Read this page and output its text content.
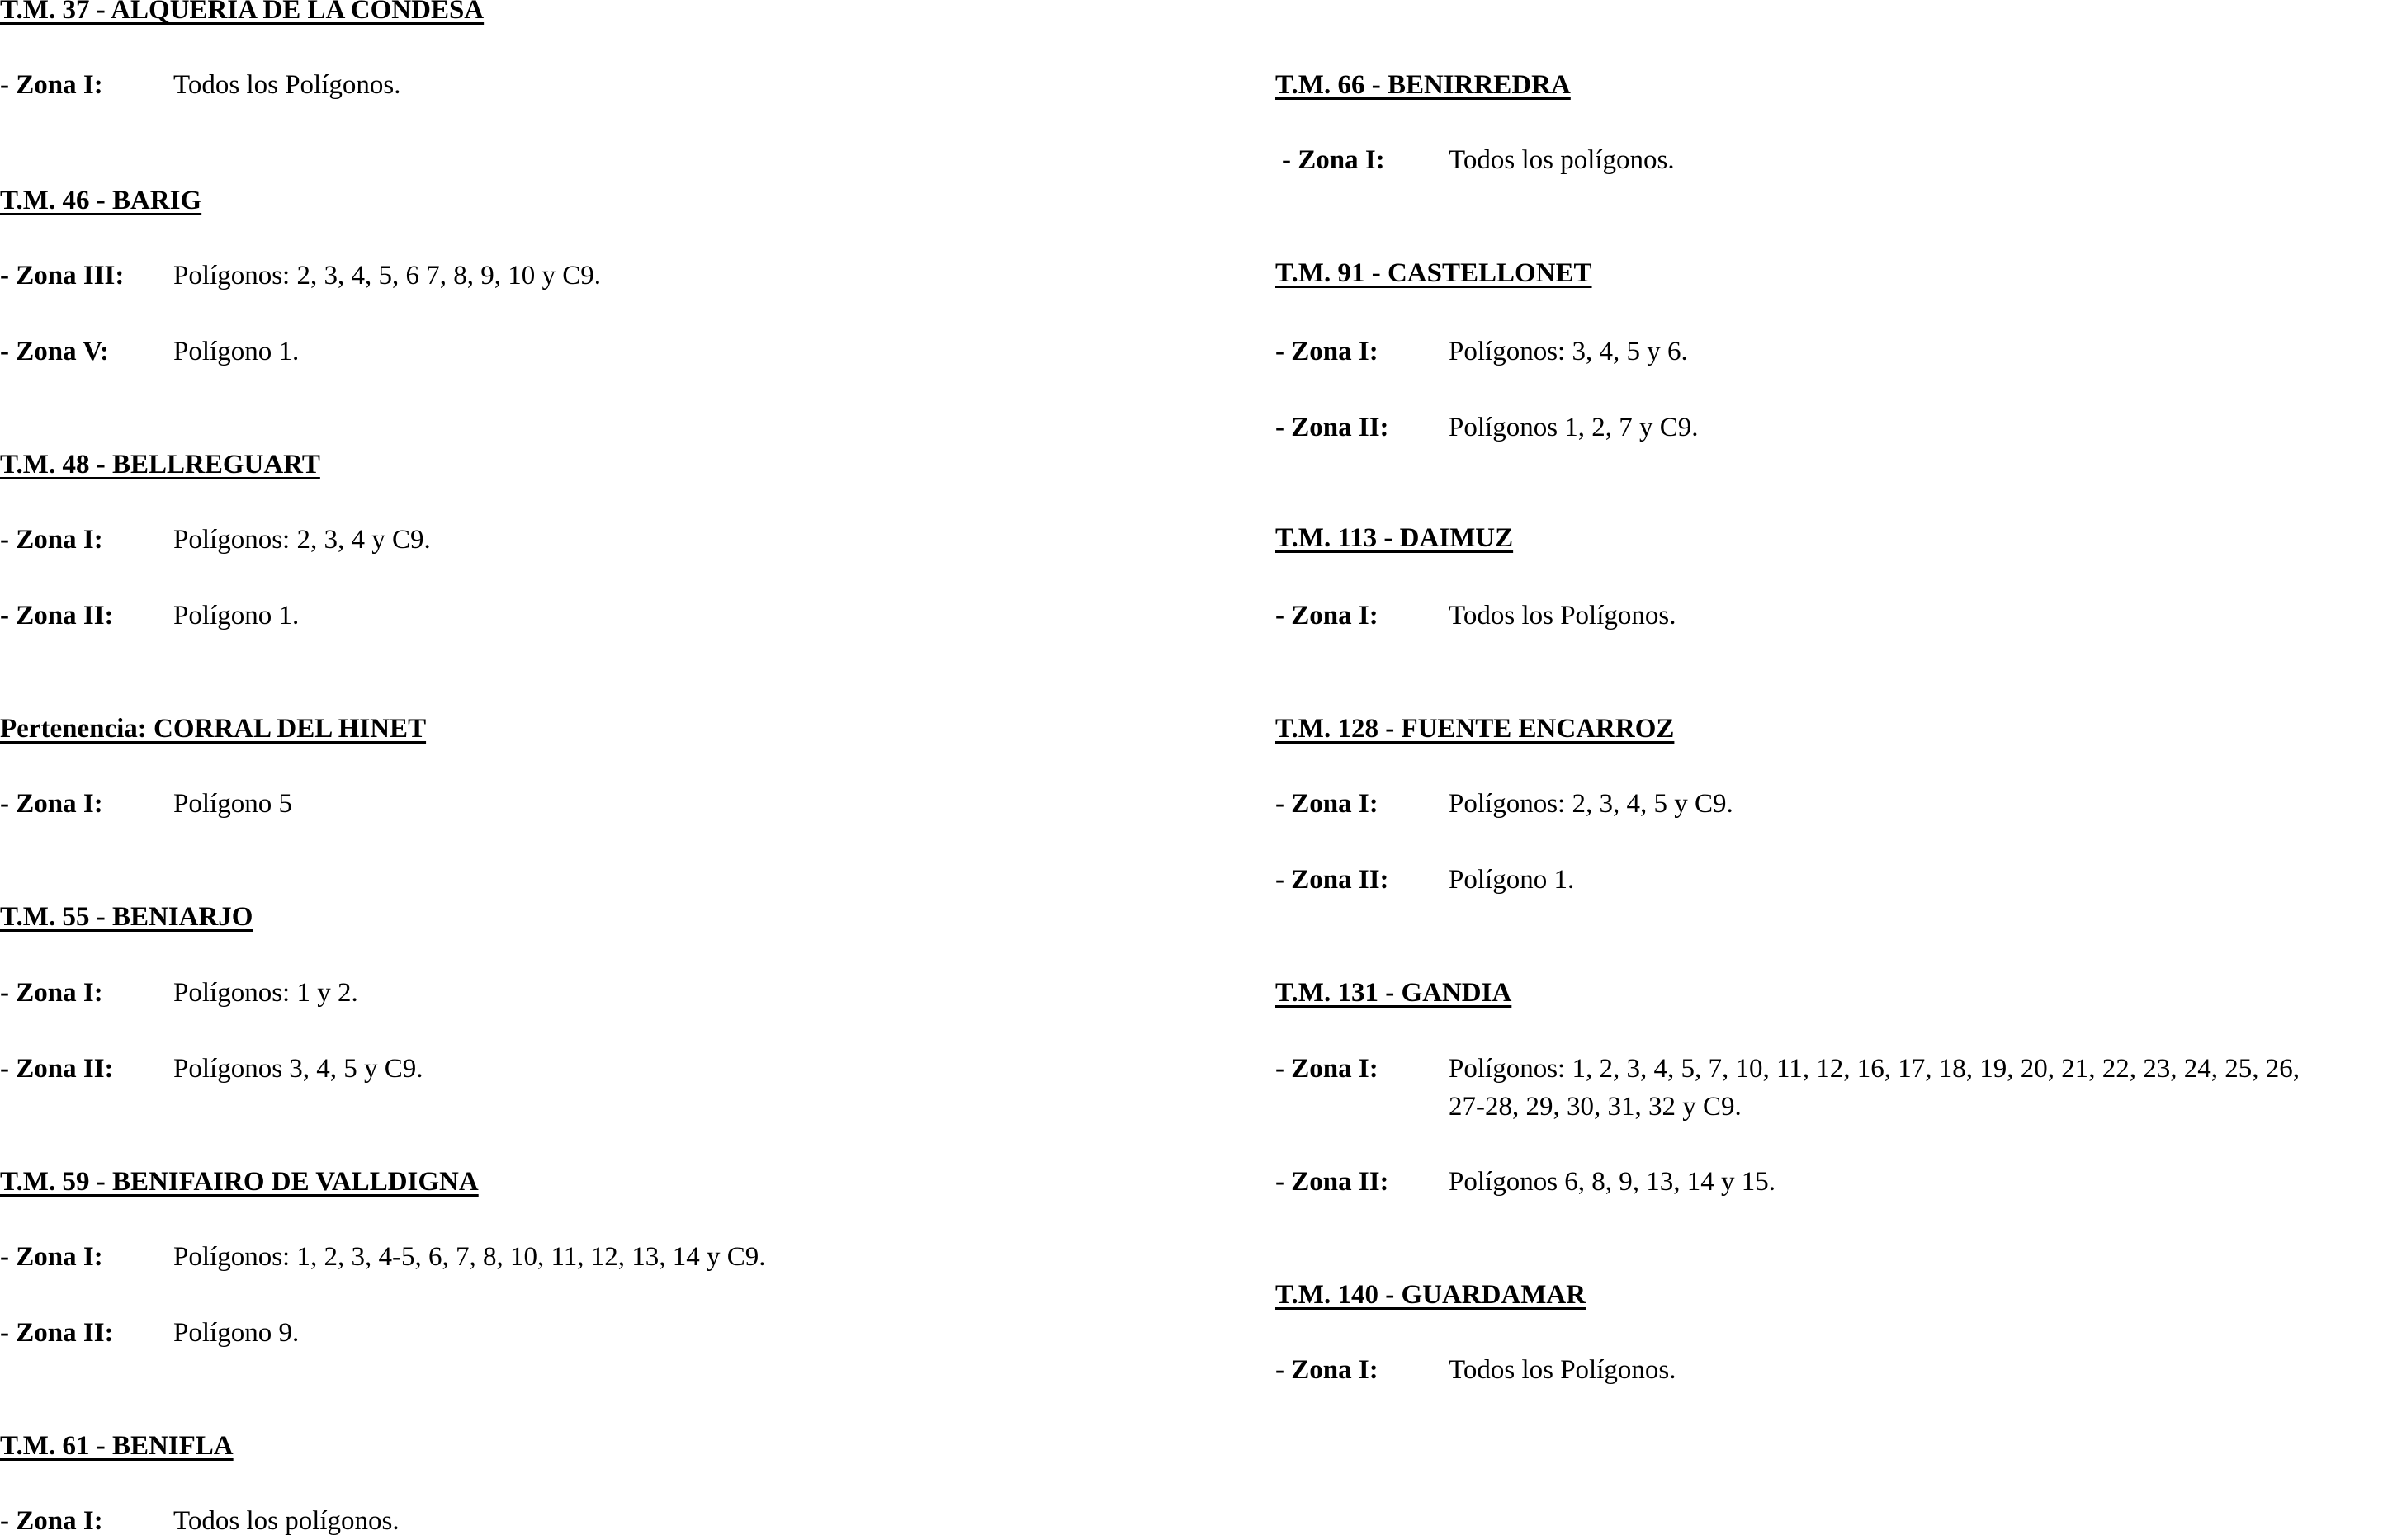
T.M. 37 - ALQUERIA DE LA CONDESA
- Zona I:	Todos los Polígonos.
T.M. 46 - BARIG
- Zona III:	Polígonos: 2, 3, 4, 5, 6 7, 8, 9, 10 y C9.
- Zona V:	Polígono 1.
T.M. 48 - BELLREGUART
- Zona I:	Polígonos: 2, 3, 4 y C9.
- Zona II:	Polígono 1.
Pertenencia: CORRAL DEL HINET
- Zona I:	Polígono 5
T.M. 55 - BENIARJO
- Zona I:	Polígonos: 1 y 2.
- Zona II:	Polígonos 3, 4, 5 y C9.
T.M. 59 - BENIFAIRO DE VALLDIGNA
- Zona I:	Polígonos: 1, 2, 3, 4-5, 6, 7, 8, 10, 11, 12, 13, 14 y C9.
- Zona II:	Polígono 9.
T.M. 61 - BENIFLA
- Zona I:	Todos los polígonos.
T.M. 66 - BENIRREDRA
- Zona I:	Todos los polígonos.
T.M. 91 - CASTELLONET
- Zona I:	Polígonos: 3, 4, 5 y 6.
- Zona II:	Polígonos 1, 2, 7 y C9.
T.M. 113 - DAIMUZ
- Zona I:	Todos los Polígonos.
T.M. 128 - FUENTE ENCARROZ
- Zona I:	Polígonos: 2, 3, 4, 5 y C9.
- Zona II:	Polígono 1.
T.M. 131 - GANDIA
- Zona I:	Polígonos: 1, 2, 3, 4, 5, 7, 10, 11, 12, 16, 17, 18, 19, 20, 21, 22, 23, 24, 25, 26,
27-28, 29, 30, 31, 32 y C9.
- Zona II:	Polígonos 6, 8, 9, 13, 14 y 15.
T.M. 140 - GUARDAMAR
- Zona I:	Todos los Polígonos.
